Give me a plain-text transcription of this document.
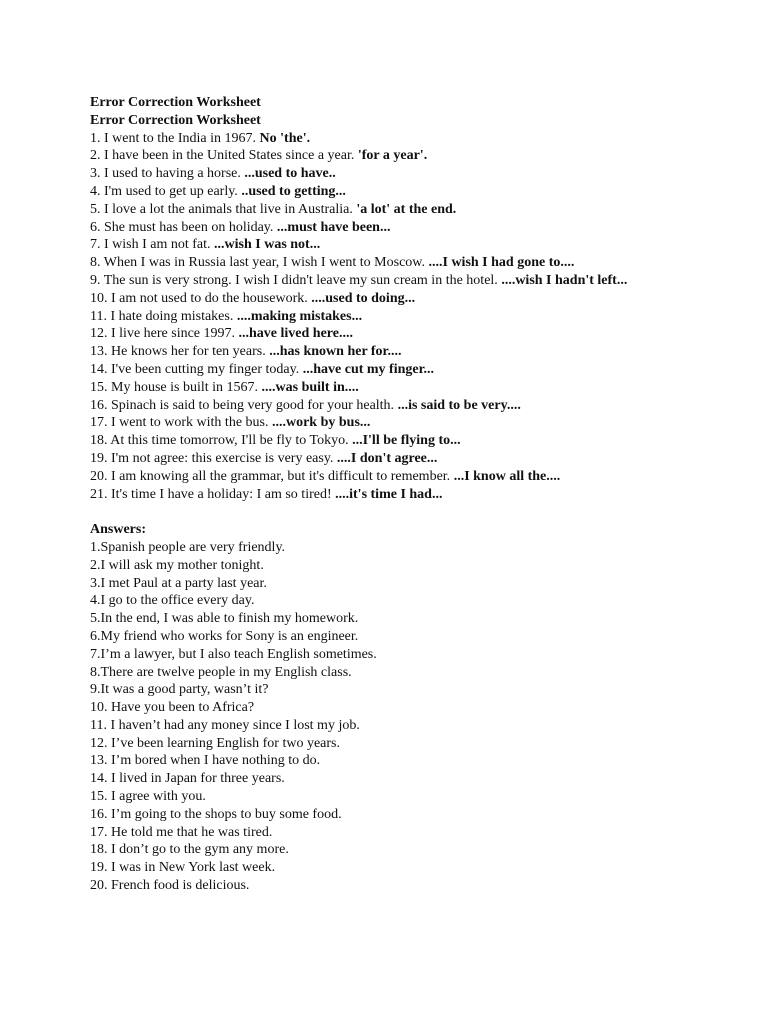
Error Correction Worksheet
Error Correction Worksheet
1. I went to the India in 1967. No 'the'.
2. I have been in the United States since a year. 'for a year'.
3. I used to having a horse. ...used to have..
4. I'm used to get up early. ..used to getting...
5. I love a lot the animals that live in Australia. 'a lot' at the end.
6. She must has been on holiday. ...must have been...
7. I wish I am not fat. ...wish I was not...
8. When I was in Russia last year, I wish I went to Moscow. ....I wish I had gone to....
9. The sun is very strong. I wish I didn't leave my sun cream in the hotel. ....wish I hadn't left...
10. I am not used to do the housework. ....used to doing...
11. I hate doing mistakes. ....making mistakes...
12. I live here since 1997. ...have lived here....
13. He knows her for ten years. ...has known her for....
14. I've been cutting my finger today. ...have cut my finger...
15. My house is built in 1567. ....was built in....
16. Spinach is said to being very good for your health. ...is said to be very....
17. I went to work with the bus. ....work by bus...
18. At this time tomorrow, I'll be fly to Tokyo. ...I'll be flying to...
19. I'm not agree: this exercise is very easy. ....I don't agree...
20. I am knowing all the grammar, but it's difficult to remember. ...I know all the....
21. It's time I have a holiday: I am so tired! ....it's time I had...
Answers:
1.Spanish people are very friendly.
2.I will ask my mother tonight.
3.I met Paul at a party last year.
4.I go to the office every day.
5.In the end, I was able to finish my homework.
6.My friend who works for Sony is an engineer.
7.I’m a lawyer, but I also teach English sometimes.
8.There are twelve people in my English class.
9.It was a good party, wasn’t it?
10. Have you been to Africa?
11. I haven’t had any money since I lost my job.
12. I’ve been learning English for two years.
13. I’m bored when I have nothing to do.
14. I lived in Japan for three years.
15. I agree with you.
16. I’m going to the shops to buy some food.
17. He told me that he was tired.
18. I don’t go to the gym any more.
19. I was in New York last week.
20. French food is delicious.
